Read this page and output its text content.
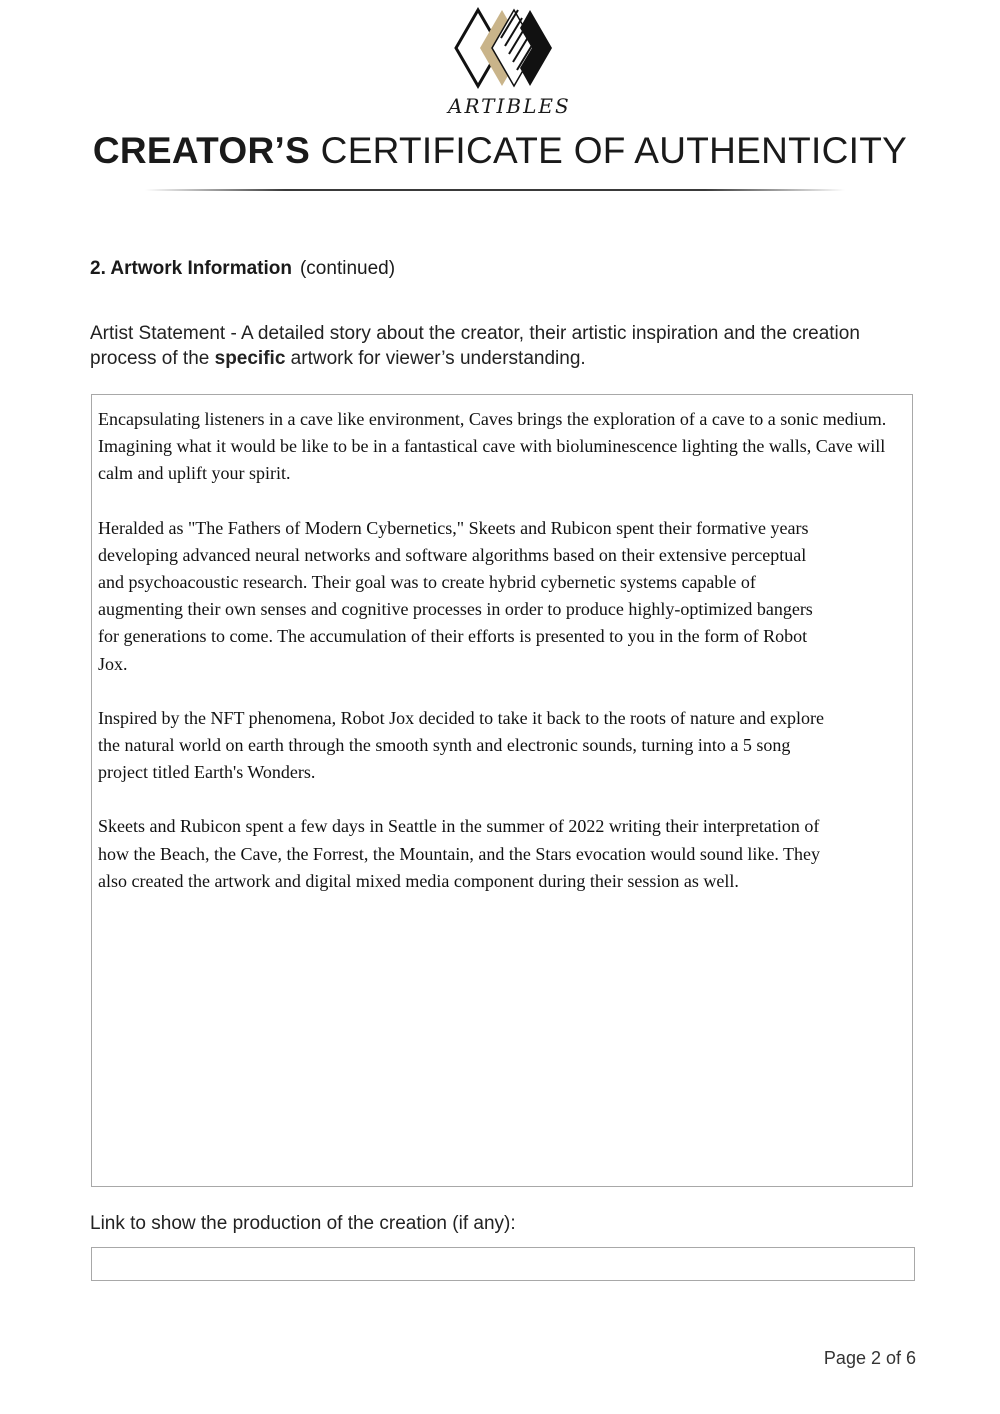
ARTIBLES
CREATOR’S CERTIFICATE OF AUTHENTICITY
2. Artwork Information (continued)
Artist Statement - A detailed story about the creator, their artistic inspiration and the creation process of the specific artwork for viewer’s understanding.

Encapsulating listeners in a cave like environment, Caves brings the exploration of a cave to a sonic medium. Imagining what it would be like to be in a fantastical cave with bioluminescence lighting the walls, Cave will calm and uplift your spirit.

Heralded as "The Fathers of Modern Cybernetics," Skeets and Rubicon spent their formative years developing advanced neural networks and software algorithms based on their extensive perceptual and psychoacoustic research. Their goal was to create hybrid cybernetic systems capable of augmenting their own senses and cognitive processes in order to produce highly-optimized bangers for generations to come. The accumulation of their efforts is presented to you in the form of Robot Jox.

Inspired by the NFT phenomena, Robot Jox decided to take it back to the roots of nature and explore the natural world on earth through the smooth synth and electronic sounds, turning into a 5 song project titled Earth's Wonders.

Skeets and Rubicon spent a few days in Seattle in the summer of 2022 writing their interpretation of how the Beach, the Cave, the Forrest, the Mountain, and the Stars evocation would sound like. They also created the artwork and digital mixed media component during their session as well.

Link to show the production of the creation (if any):
Page 2 of 6
